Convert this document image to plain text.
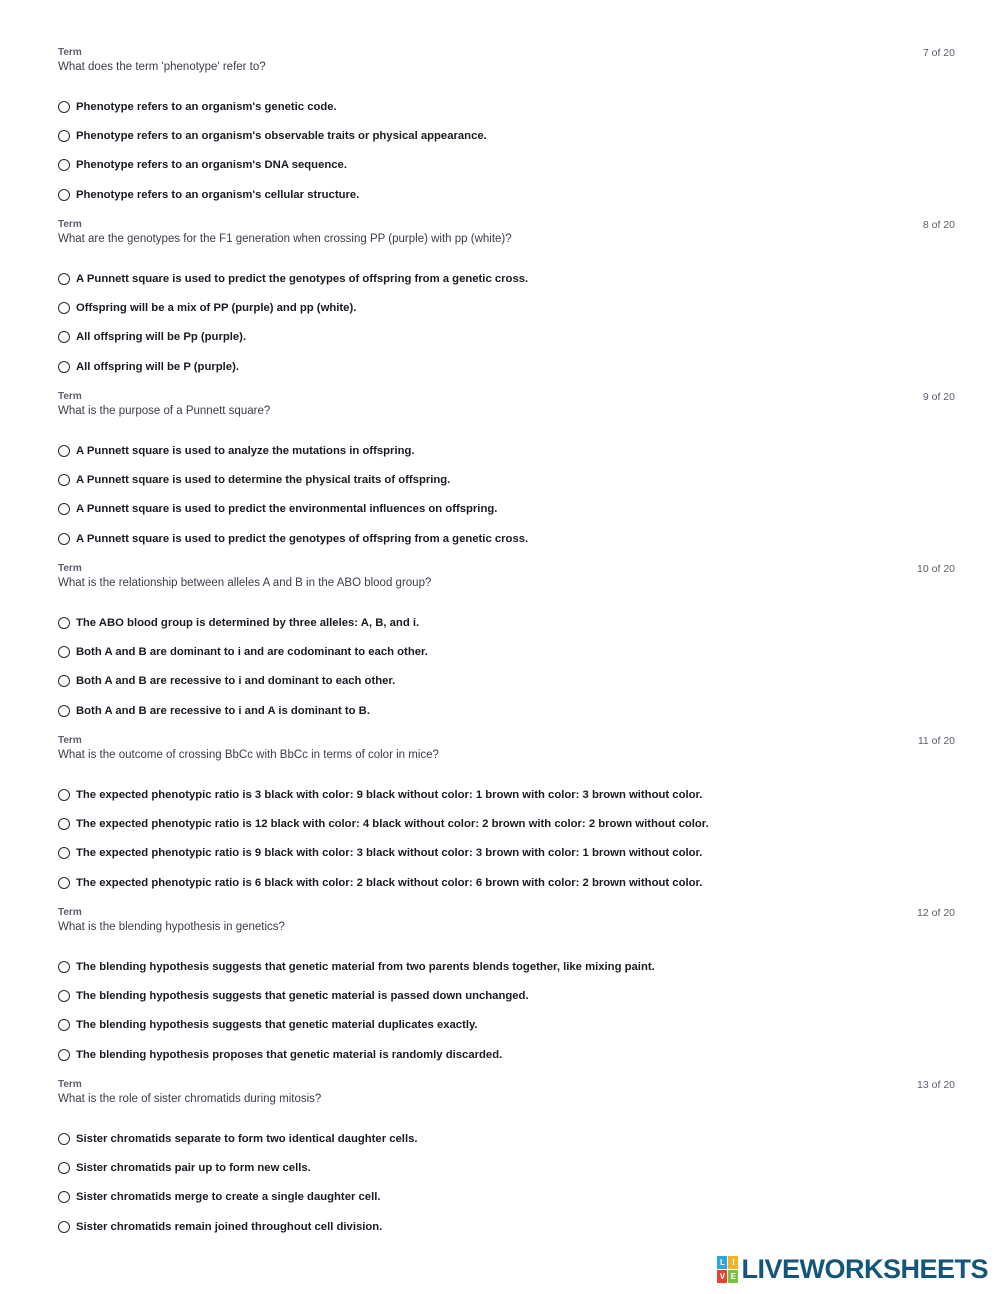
Term	7 of 20
What does the term 'phenotype' refer to?
Phenotype refers to an organism's genetic code.
Phenotype refers to an organism's observable traits or physical appearance.
Phenotype refers to an organism's DNA sequence.
Phenotype refers to an organism's cellular structure.
Term	8 of 20
What are the genotypes for the F1 generation when crossing PP (purple) with pp (white)?
A Punnett square is used to predict the genotypes of offspring from a genetic cross.
Offspring will be a mix of PP (purple) and pp (white).
All offspring will be Pp (purple).
All offspring will be P (purple).
Term	9 of 20
What is the purpose of a Punnett square?
A Punnett square is used to analyze the mutations in offspring.
A Punnett square is used to determine the physical traits of offspring.
A Punnett square is used to predict the environmental influences on offspring.
A Punnett square is used to predict the genotypes of offspring from a genetic cross.
Term	10 of 20
What is the relationship between alleles A and B in the ABO blood group?
The ABO blood group is determined by three alleles: A, B, and i.
Both A and B are dominant to i and are codominant to each other.
Both A and B are recessive to i and dominant to each other.
Both A and B are recessive to i and A is dominant to B.
Term	11 of 20
What is the outcome of crossing BbCc with BbCc in terms of color in mice?
The expected phenotypic ratio is 3 black with color: 9 black without color: 1 brown with color: 3 brown without color.
The expected phenotypic ratio is 12 black with color: 4 black without color: 2 brown with color: 2 brown without color.
The expected phenotypic ratio is 9 black with color: 3 black without color: 3 brown with color: 1 brown without color.
The expected phenotypic ratio is 6 black with color: 2 black without color: 6 brown with color: 2 brown without color.
Term	12 of 20
What is the blending hypothesis in genetics?
The blending hypothesis suggests that genetic material from two parents blends together, like mixing paint.
The blending hypothesis suggests that genetic material is passed down unchanged.
The blending hypothesis suggests that genetic material duplicates exactly.
The blending hypothesis proposes that genetic material is randomly discarded.
Term	13 of 20
What is the role of sister chromatids during mitosis?
Sister chromatids separate to form two identical daughter cells.
Sister chromatids pair up to form new cells.
Sister chromatids merge to create a single daughter cell.
Sister chromatids remain joined throughout cell division.
L I
V E LIVEWORKSHEETS
